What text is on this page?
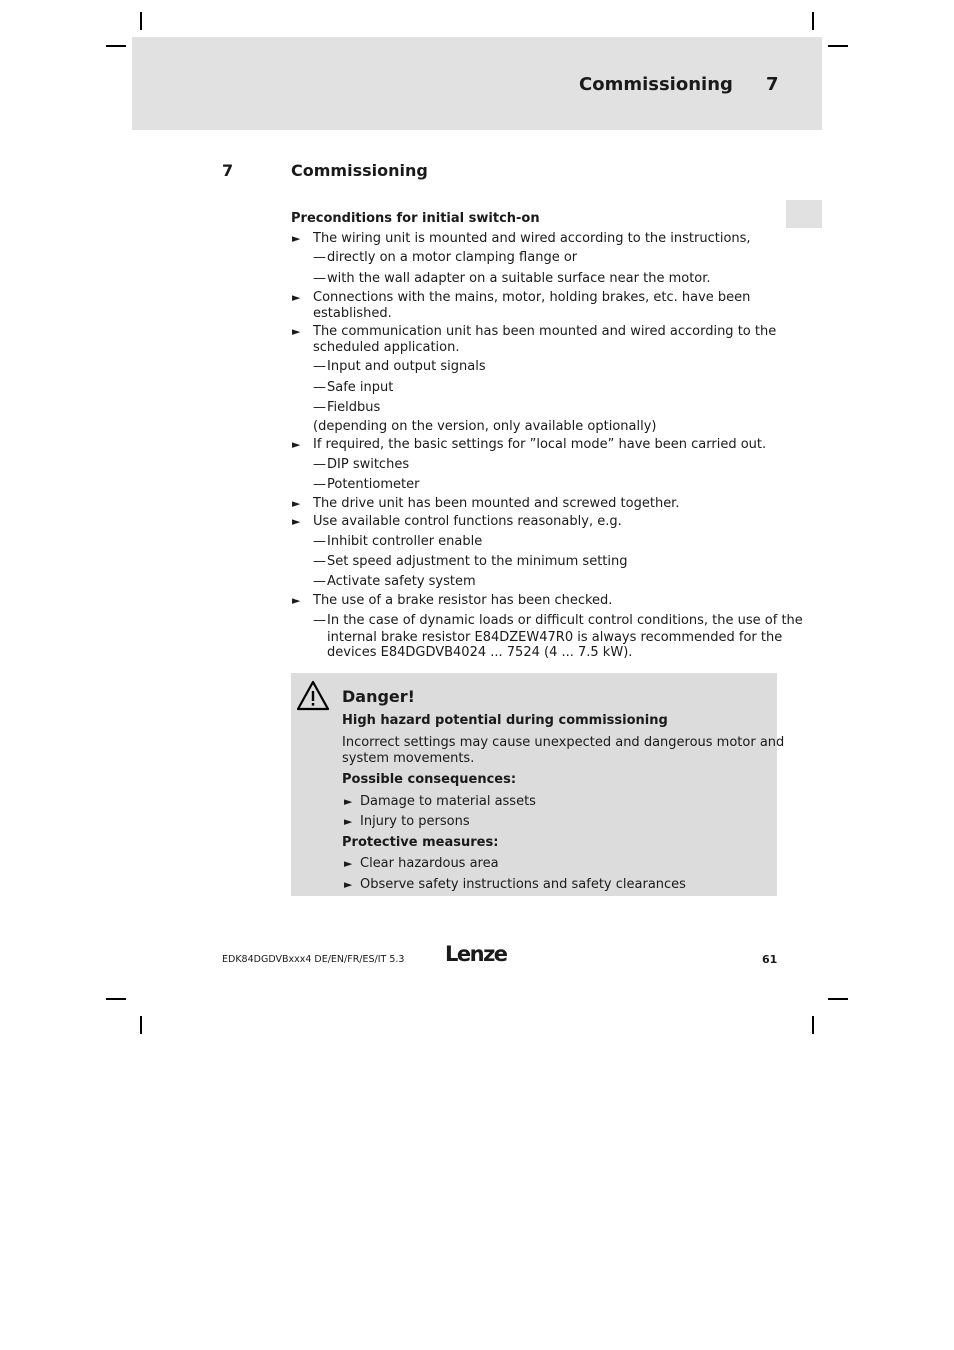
Commissioning 7
7	Commissioning
Preconditions for initial switch-on
► The wiring unit is mounted and wired according to the instructions,
— directly on a motor clamping flange or
— with the wall adapter on a suitable surface near the motor.
► Connections with the mains, motor, holding brakes, etc. have been
established.
► The communication unit has been mounted and wired according to the
scheduled application.
— Input and output signals
— Safe input
— Fieldbus
(depending on the version, only available optionally)
► If required, the basic settings for ”local mode” have been carried out.
— DIP switches
— Potentiometer
► The drive unit has been mounted and screwed together.
► Use available control functions reasonably, e.g.
— Inhibit controller enable
— Set speed adjustment to the minimum setting
— Activate safety system
► The use of a brake resistor has been checked.
— In the case of dynamic loads or difficult control conditions, the use of the
internal brake resistor E84DZEW47R0 is always recommended for the
devices E84DGDVB4024 ... 7524 (4 ... 7.5 kW).
Danger!
High hazard potential during commissioning
Incorrect settings may cause unexpected and dangerous motor and
system movements.
Possible consequences:
► Damage to material assets
► Injury to persons
Protective measures:
► Clear hazardous area
► Observe safety instructions and safety clearances
EDK84DGDVBxxx4 DE/EN/FR/ES/IT 5.3 Lenze	61
